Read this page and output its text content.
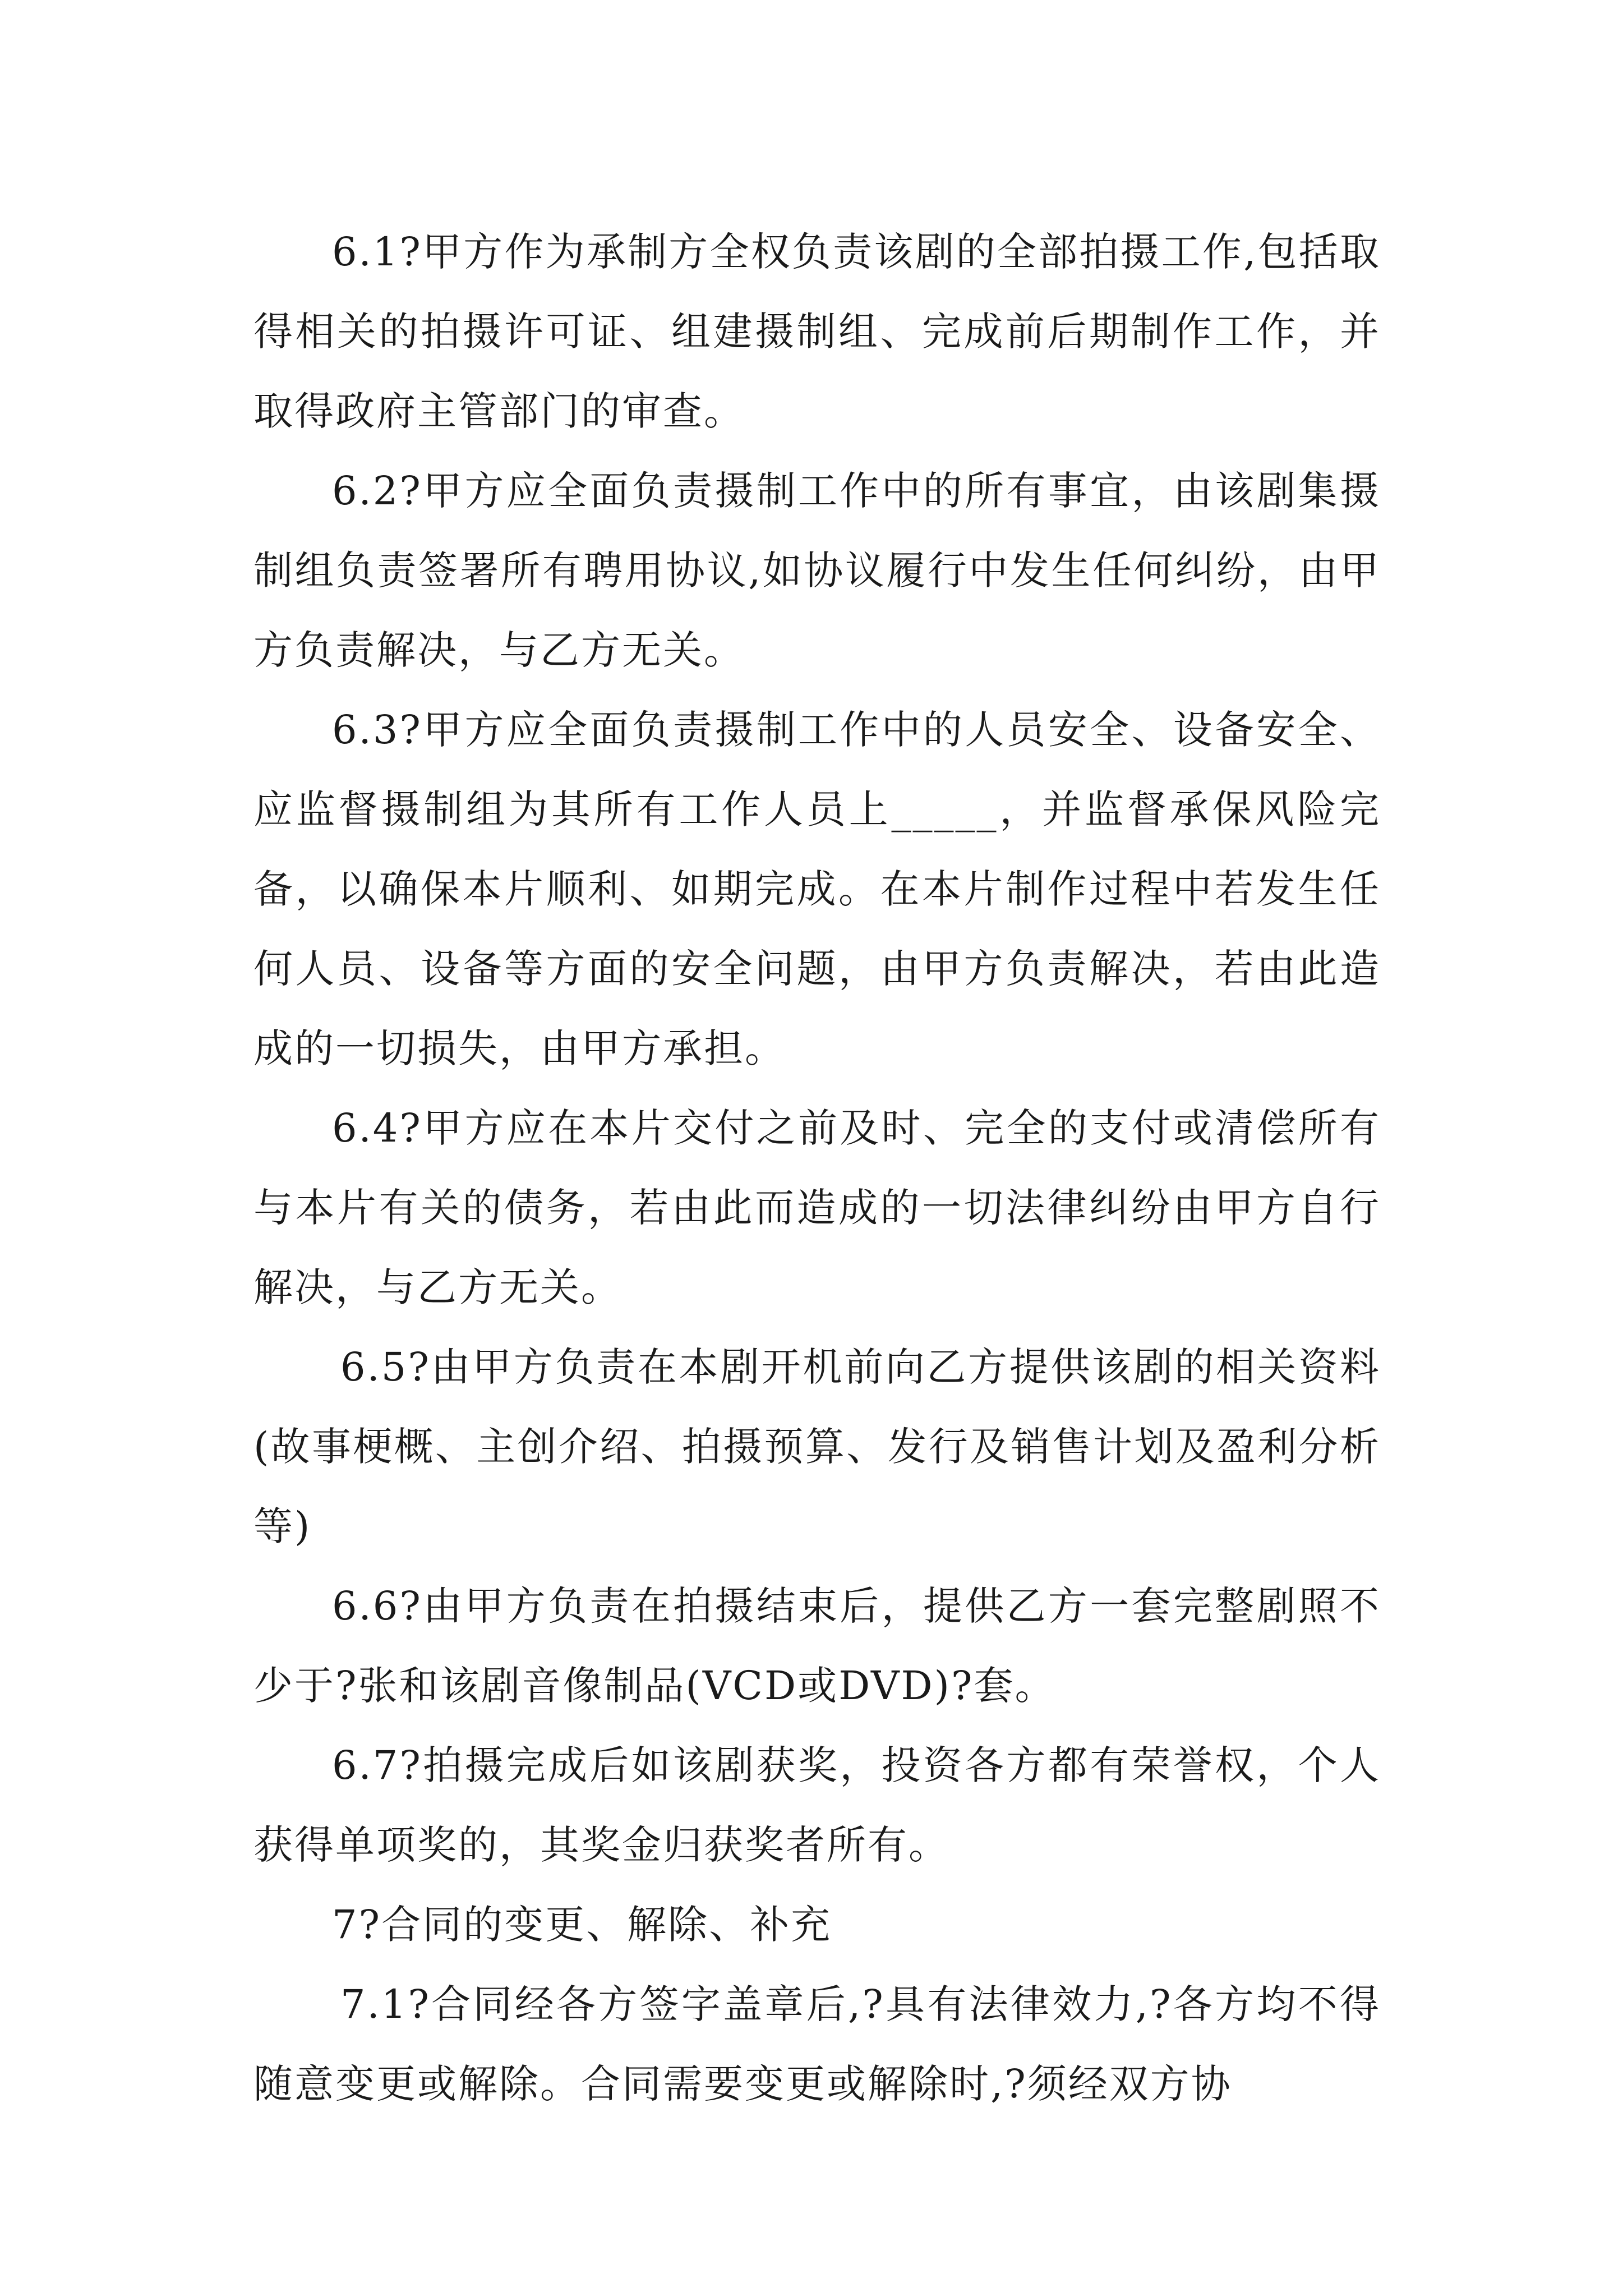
6.1?甲方作为承制方全权负责该剧的全部拍摄工作,包括取得相关的拍摄许可证、组建摄制组、完成前后期制作工作，并取得政府主管部门的审查。

6.2?甲方应全面负责摄制工作中的所有事宜，由该剧集摄制组负责签署所有聘用协议,如协议履行中发生任何纠纷，由甲方负责解决，与乙方无关。

6.3?甲方应全面负责摄制工作中的人员安全、设备安全、应监督摄制组为其所有工作人员上_____，并监督承保风险完备，以确保本片顺利、如期完成。在本片制作过程中若发生任何人员、设备等方面的安全问题，由甲方负责解决，若由此造成的一切损失，由甲方承担。

6.4?甲方应在本片交付之前及时、完全的支付或清偿所有与本片有关的债务，若由此而造成的一切法律纠纷由甲方自行解决，与乙方无关。

6.5?由甲方负责在本剧开机前向乙方提供该剧的相关资料(故事梗概、主创介绍、拍摄预算、发行及销售计划及盈利分析等)

6.6?由甲方负责在拍摄结束后，提供乙方一套完整剧照不少于?张和该剧音像制品(VCD或DVD)?套。

6.7?拍摄完成后如该剧获奖，投资各方都有荣誉权，个人获得单项奖的，其奖金归获奖者所有。

7?合同的变更、解除、补充

7.1?合同经各方签字盖章后,?具有法律效力,?各方均不得随意变更或解除。合同需要变更或解除时,?须经双方协
